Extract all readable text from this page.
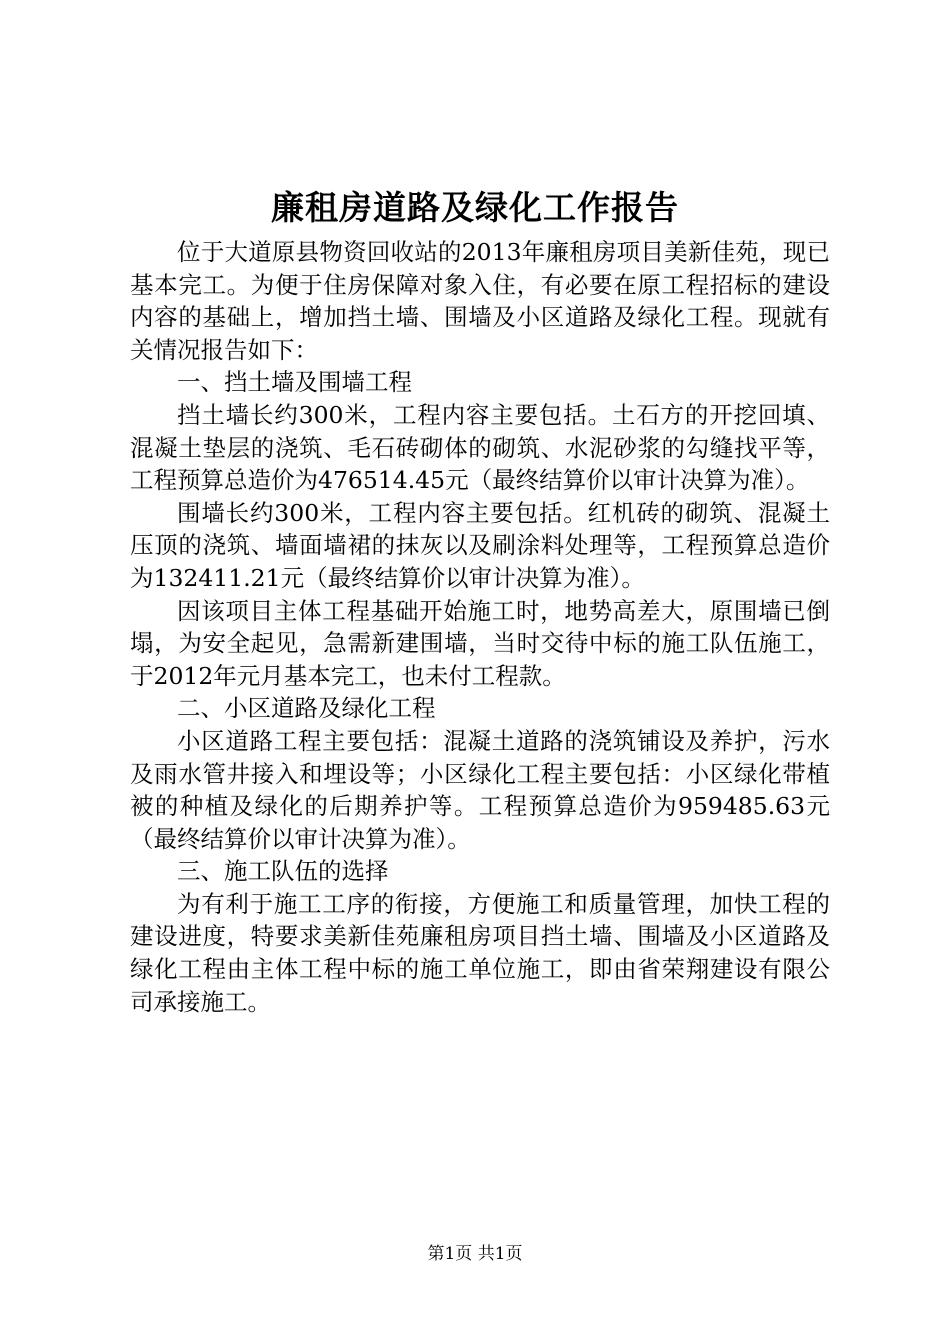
廉租房道路及绿化工作报告

位于大道原县物资回收站的2013年廉租房项目美新佳苑，现已基本完工。为便于住房保障对象入住，有必要在原工程招标的建设内容的基础上，增加挡土墙、围墙及小区道路及绿化工程。现就有关情况报告如下：

一、挡土墙及围墙工程

挡土墙长约300米，工程内容主要包括。土石方的开挖回填、混凝土垫层的浇筑、毛石砖砌体的砌筑、水泥砂浆的勾缝找平等，工程预算总造价为476514.45元（最终结算价以审计决算为准）。

围墙长约300米，工程内容主要包括。红机砖的砌筑、混凝土压顶的浇筑、墙面墙裙的抹灰以及刷涂料处理等，工程预算总造价为132411.21元（最终结算价以审计决算为准）。

因该项目主体工程基础开始施工时，地势高差大，原围墙已倒塌，为安全起见，急需新建围墙，当时交待中标的施工队伍施工，于2012年元月基本完工，也未付工程款。

二、小区道路及绿化工程

小区道路工程主要包括：混凝土道路的浇筑铺设及养护，污水及雨水管井接入和埋设等；小区绿化工程主要包括：小区绿化带植被的种植及绿化的后期养护等。工程预算总造价为959485.63元（最终结算价以审计决算为准）。

三、施工队伍的选择

为有利于施工工序的衔接，方便施工和质量管理，加快工程的建设进度，特要求美新佳苑廉租房项目挡土墙、围墙及小区道路及绿化工程由主体工程中标的施工单位施工，即由省荣翔建设有限公司承接施工。

第1页 共1页
